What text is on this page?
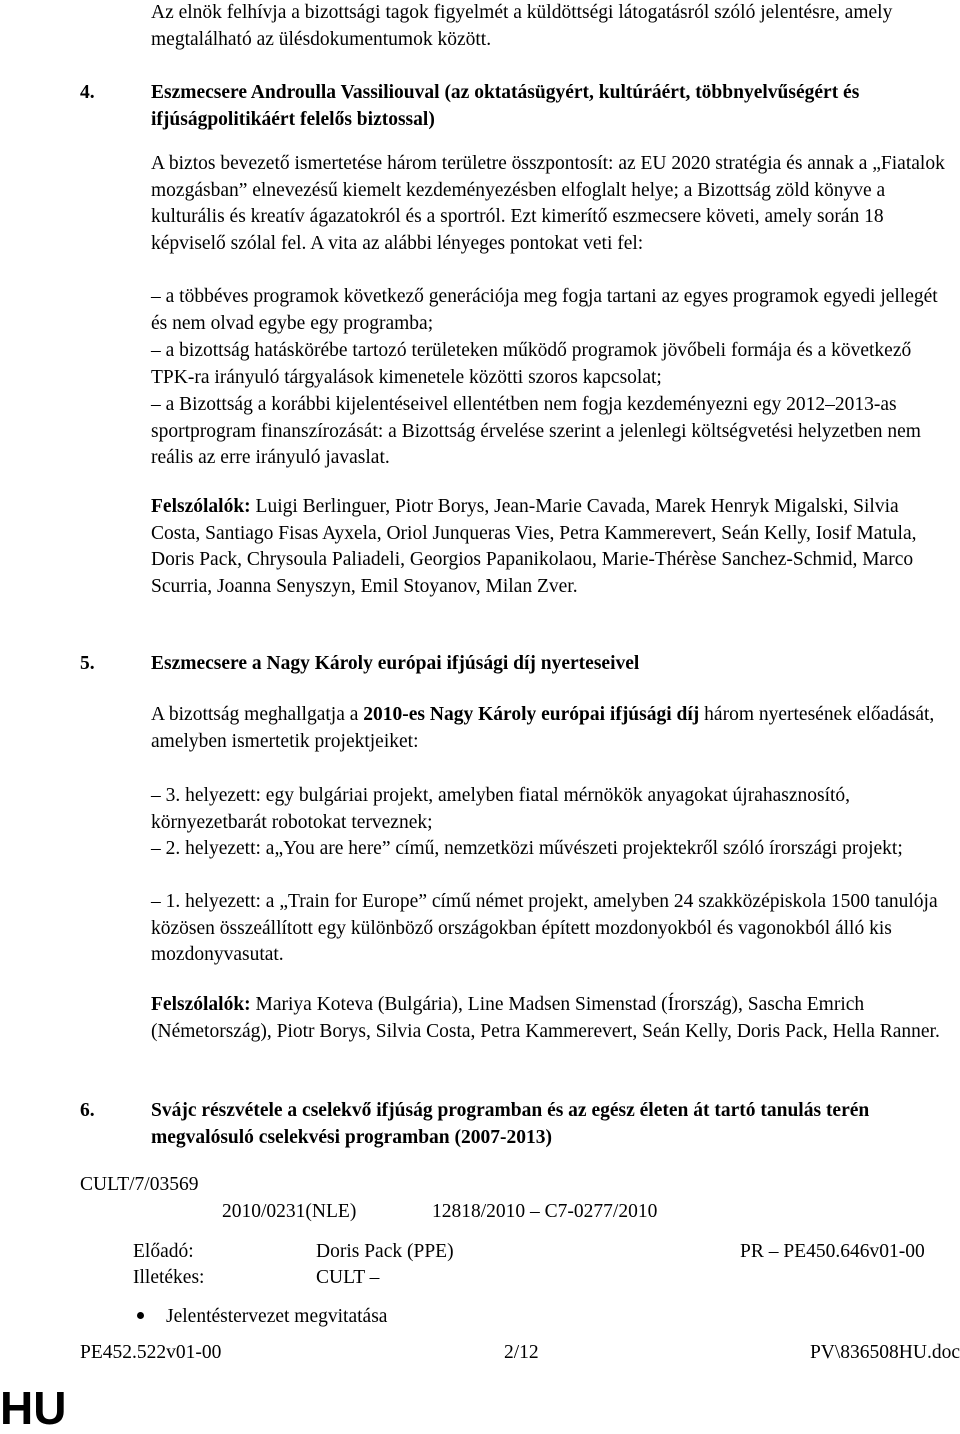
Az elnök felhívja a bizottsági tagok figyelmét a küldöttségi látogatásról szóló jelentésre, amely megtalálható az ülésdokumentumok között.

4.	Eszmecsere Androulla Vassiliouval (az oktatásügyért, kultúráért, többnyelvűségért és ifjúságpolitikáért felelős biztossal)

A biztos bevezető ismertetése három területre összpontosít: az EU 2020 stratégia és annak a „Fiatalok mozgásban” elnevezésű kiemelt kezdeményezésben elfoglalt helye; a Bizottság zöld könyve a kulturális és kreatív ágazatokról és a sportról. Ezt kimerítő eszmecsere követi, amely során 18 képviselő szólal fel. A vita az alábbi lényeges pontokat veti fel:

– a többéves programok következő generációja meg fogja tartani az egyes programok egyedi jellegét és nem olvad egybe egy programba;

– a bizottság hatáskörébe tartozó területeken működő programok jövőbeli formája és a következő TPK-ra irányuló tárgyalások kimenetele közötti szoros kapcsolat;

– a Bizottság a korábbi kijelentéseivel ellentétben nem fogja kezdeményezni egy 2012–2013-as sportprogram finanszírozását: a Bizottság érvelése szerint a jelenlegi költségvetési helyzetben nem reális az erre irányuló javaslat.

Felszólalók: Luigi Berlinguer, Piotr Borys, Jean-Marie Cavada, Marek Henryk Migalski, Silvia Costa, Santiago Fisas Ayxela, Oriol Junqueras Vies, Petra Kammerevert, Seán Kelly, Iosif Matula, Doris Pack, Chrysoula Paliadeli, Georgios Papanikolaou, Marie-Thérèse Sanchez-Schmid, Marco Scurria, Joanna Senyszyn, Emil Stoyanov, Milan Zver.

5.	Eszmecsere a Nagy Károly európai ifjúsági díj nyerteseivel

A bizottság meghallgatja a 2010-es Nagy Károly európai ifjúsági díj három nyertesének előadását, amelyben ismertetik projektjeiket:

– 3. helyezett: egy bulgáriai projekt, amelyben fiatal mérnökök anyagokat újrahasznosító, környezetbarát robotokat terveznek;

– 2. helyezett: a„You are here” című, nemzetközi művészeti projektekről szóló írországi projekt;

– 1. helyezett: a „Train for Europe” című német projekt, amelyben 24 szakközépiskola 1500 tanulója közösen összeállított egy különböző országokban épített mozdonyokból és vagonokból álló kis mozdonyvasutat.

Felszólalók: Mariya Koteva (Bulgária), Line Madsen Simenstad (Írország), Sascha Emrich (Németország), Piotr Borys, Silvia Costa, Petra Kammerevert, Seán Kelly, Doris Pack, Hella Ranner.

6.	Svájc részvétele a cselekvő ifjúság programban és az egész életen át tartó tanulás terén megvalósuló cselekvési programban (2007-2013)

CULT/7/03569
2010/0231(NLE)	12818/2010 – C7-0277/2010
Előadó:	Doris Pack (PPE)	PR – PE450.646v01-00
Illetékes:	CULT –
Jelentéstervezet megvitatása
PE452.522v01-00	2/12	PV\836508HU.doc
HU
